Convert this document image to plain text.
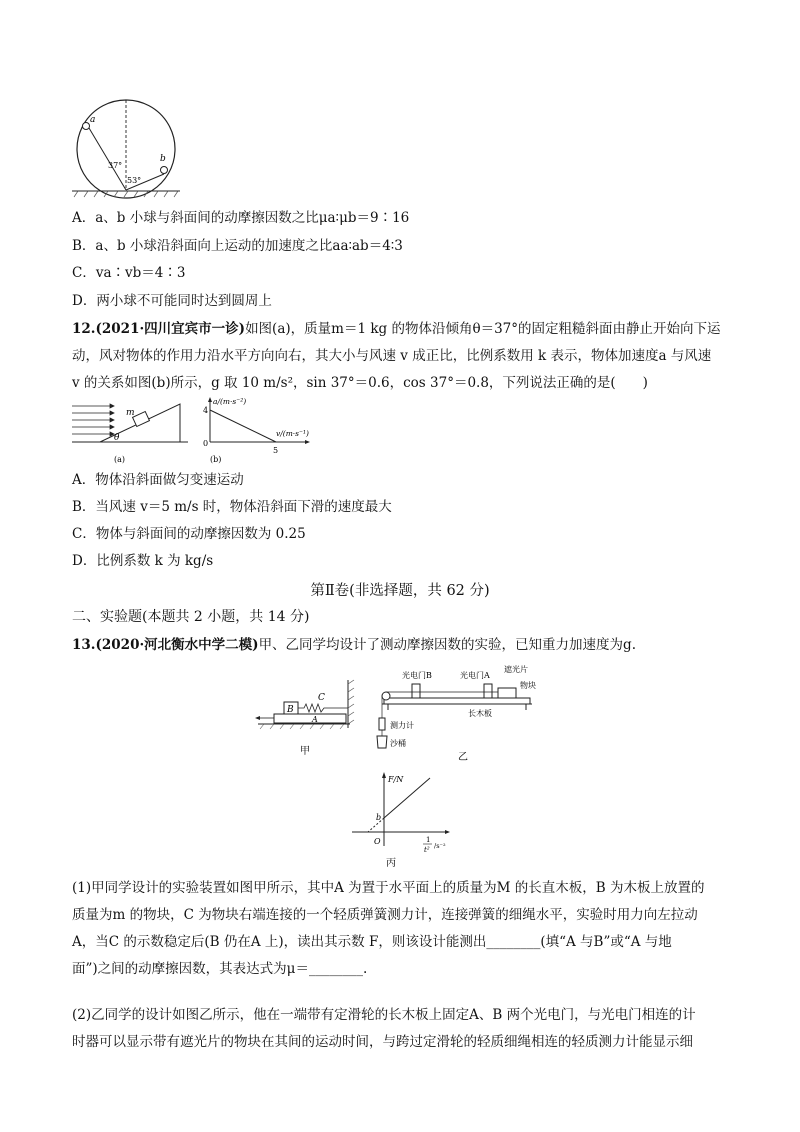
a
b
37°
53°
A．a、b 小球与斜面间的动摩擦因数之比μa∶μb＝9∶16
B．a、b 小球沿斜面向上运动的加速度之比aa∶ab＝4∶3
C．va∶vb＝4∶3
D．两小球不可能同时达到圆周上
12.(2021·四川宜宾市一诊)如图(a)，质量m＝1 kg 的物体沿倾角θ＝37°的固定粗糙斜面由静止开始向下运
动，风对物体的作用力沿水平方向向右，其大小与风速 v 成正比，比例系数用 k 表示，物体加速度a 与风速
v 的关系如图(b)所示，g 取 10 m/s²，sin 37°＝0.6，cos 37°＝0.8，下列说法正确的是(　　)
m
θ
(a)
a/(m·s⁻²)
v/(m·s⁻¹)
4
0
5
(b)
A．物体沿斜面做匀变速运动
B．当风速 v＝5 m/s 时，物体沿斜面下滑的速度最大
C．物体与斜面间的动摩擦因数为 0.25
D．比例系数 k 为 kg/s
第Ⅱ卷(非选择题，共 62 分)
二、实验题(本题共 2 小题，共 14 分)
13.(2020·河北衡水中学二模)甲、乙同学均设计了测动摩擦因数的实验，已知重力加速度为g.
B
C
A
甲
光电门B	光电门A
遮光片
物块
长木板
测力计
沙桶
乙
F/N
b
O	1
t² /s⁻²
丙
(1)甲同学设计的实验装置如图甲所示，其中A 为置于水平面上的质量为M 的长直木板，B 为木板上放置的
质量为m 的物块，C 为物块右端连接的一个轻质弹簧测力计，连接弹簧的细绳水平，实验时用力向左拉动
A，当C 的示数稳定后(B 仍在A 上)，读出其示数 F，则该设计能测出________(填“A 与B”或“A 与地
面”)之间的动摩擦因数，其表达式为μ＝________.
(2)乙同学的设计如图乙所示，他在一端带有定滑轮的长木板上固定A、B 两个光电门，与光电门相连的计
时器可以显示带有遮光片的物块在其间的运动时间，与跨过定滑轮的轻质细绳相连的轻质测力计能显示细
